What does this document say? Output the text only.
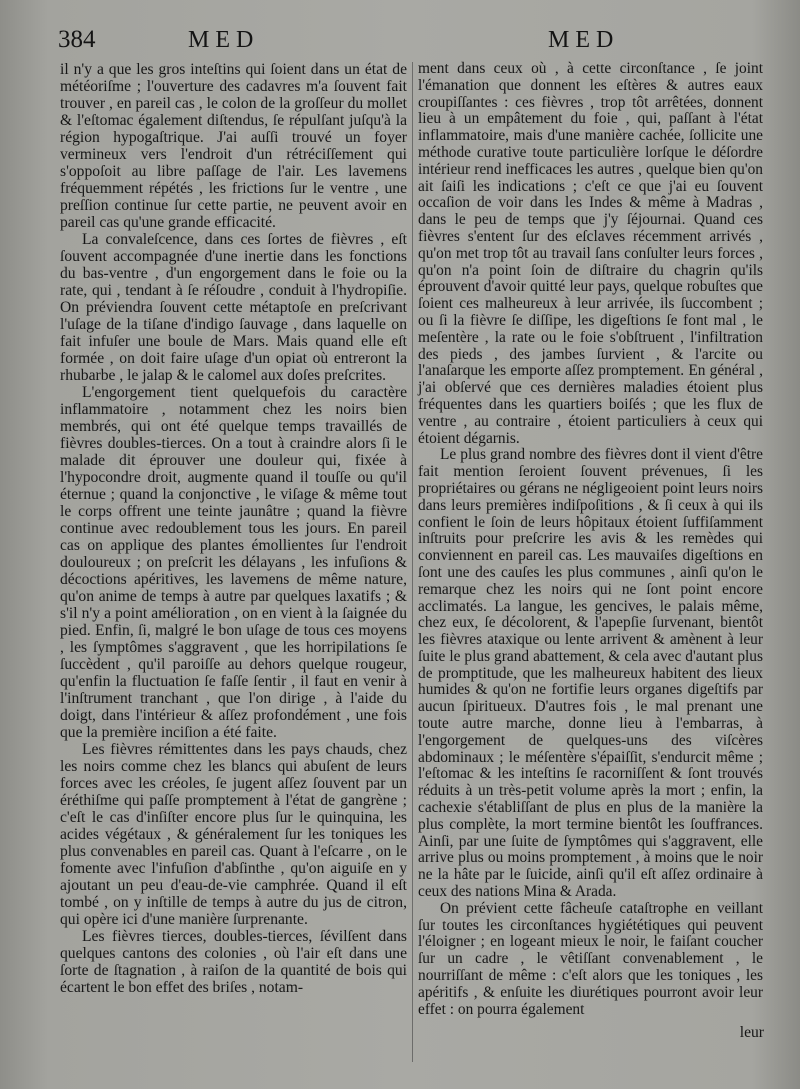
384	MED	MED

il n'y a que les gros inteſtins qui ſoient dans un état de météoriſme ; l'ouverture des cadavres m'a ſouvent fait trouver , en pareil cas , le colon de la groſſeur du mollet & l'eſtomac également diſtendus, ſe répulſant juſqu'à la région hypogaſtrique. J'ai auſſi trouvé un foyer vermineux vers l'endroit d'un rétréciſſement qui s'oppoſoit au libre paſſage de l'air. Les lavemens fréquemment répétés , les frictions ſur le ventre , une preſſion continue ſur cette partie, ne peuvent avoir en pareil cas qu'une grande efficacité.

La convaleſcence, dans ces ſortes de fièvres , eſt ſouvent accompagnée d'une inertie dans les fonctions du bas-ventre , d'un engorgement dans le foie ou la rate, qui , tendant à ſe réſoudre , conduit à l'hydropiſie. On préviendra ſouvent cette métaptoſe en preſcrivant l'uſage de la tiſane d'indigo ſauvage , dans laquelle on fait infuſer une boule de Mars. Mais quand elle eſt formée , on doit faire uſage d'un opiat où entreront la rhubarbe , le jalap & le calomel aux doſes preſcrites.

L'engorgement tient quelquefois du caractère inflammatoire , notamment chez les noirs bien membrés, qui ont été quelque temps travaillés de fièvres doubles-tierces. On a tout à craindre alors ſi le malade dit éprouver une douleur qui, fixée à l'hypocondre droit, augmente quand il touſſe ou qu'il éternue ; quand la conjonctive , le viſage & même tout le corps offrent une teinte jaunâtre ; quand la fièvre continue avec redoublement tous les jours. En pareil cas on applique des plantes émollientes ſur l'endroit douloureux ; on preſcrit les délayans , les infuſions & décoctions apéritives, les lavemens de même nature, qu'on anime de temps à autre par quelques laxatifs ; & s'il n'y a point amélioration , on en vient à la ſaignée du pied. Enfin, ſi, malgré le bon uſage de tous ces moyens , les ſymptômes s'aggravent , que les horripilations ſe ſuccèdent , qu'il paroiſſe au dehors quelque rougeur, qu'enfin la fluctuation ſe faſſe ſentir , il faut en venir à l'inſtrument tranchant , que l'on dirige , à l'aide du doigt, dans l'intérieur & aſſez profondément , une fois que la première inciſion a été faite.

Les fièvres rémittentes dans les pays chauds, chez les noirs comme chez les blancs qui abuſent de leurs forces avec les créoles, ſe jugent aſſez ſouvent par un éréthiſme qui paſſe promptement à l'état de gangrène ; c'eſt le cas d'inſiſter encore plus ſur le quinquina, les acides végétaux , & généralement ſur les toniques les plus convenables en pareil cas. Quant à l'eſcarre , on le fomente avec l'infuſion d'abſinthe , qu'on aiguiſe en y ajoutant un peu d'eau-de-vie camphrée. Quand il eſt tombé , on y inſtille de temps à autre du jus de citron, qui opère ici d'une manière ſurprenante.

Les fièvres tierces, doubles-tierces, ſévilſent dans quelques cantons des colonies , où l'air eſt dans une ſorte de ſtagnation , à raiſon de la quantité de bois qui écartent le bon effet des briſes , notam-

ment dans ceux où , à cette circonſtance , ſe joint l'émanation que donnent les eſtères & autres eaux croupiſſantes : ces fièvres , trop tôt arrêtées, donnent lieu à un empâtement du foie , qui, paſſant à l'état inflammatoire, mais d'une manière cachée, ſollicite une méthode curative toute particulière lorſque le déſordre intérieur rend inefficaces les autres , quelque bien qu'on ait ſaiſi les indications ; c'eſt ce que j'ai eu ſouvent occaſion de voir dans les Indes & même à Madras , dans le peu de temps que j'y ſéjournai. Quand ces fièvres s'entent ſur des eſclaves récemment arrivés , qu'on met trop tôt au travail ſans conſulter leurs forces , qu'on n'a point ſoin de diſtraire du chagrin qu'ils éprouvent d'avoir quitté leur pays, quelque robuſtes que ſoient ces malheureux à leur arrivée, ils ſuccombent ; ou ſi la fièvre ſe diſſipe, les digeſtions ſe font mal , le meſentère , la rate ou le foie s'obſtruent , l'infiltration des pieds , des jambes ſurvient , & l'arcite ou l'anaſarque les emporte aſſez promptement. En général , j'ai obſervé que ces dernières maladies étoient plus fréquentes dans les quartiers boiſés ; que les flux de ventre , au contraire , étoient particuliers à ceux qui étoient dégarnis.

Le plus grand nombre des fièvres dont il vient d'être fait mention ſeroient ſouvent prévenues, ſi les propriétaires ou gérans ne négligeoient point leurs noirs dans leurs premières indiſpoſitions , & ſi ceux à qui ils confient le ſoin de leurs hôpitaux étoient ſuffiſamment inſtruits pour preſcrire les avis & les remèdes qui conviennent en pareil cas. Les mauvaiſes digeſtions en ſont une des cauſes les plus communes , ainſi qu'on le remarque chez les noirs qui ne ſont point encore acclimatés. La langue, les gencives, le palais même, chez eux, ſe décolorent, & l'apepſie ſurvenant, bientôt les fièvres ataxique ou lente arrivent & amènent à leur ſuite le plus grand abattement, & cela avec d'autant plus de promptitude, que les malheureux habitent des lieux humides & qu'on ne fortifie leurs organes digeſtifs par aucun ſpiritueux. D'autres fois , le mal prenant une toute autre marche, donne lieu à l'embarras, à l'engorgement de quelques-uns des viſcères abdominaux ; le méſentère s'épaiſſit, s'endurcit même ; l'eſtomac & les inteſtins ſe racorniſſent & ſont trouvés réduits à un très-petit volume après la mort ; enfin, la cachexie s'établiſſant de plus en plus de la manière la plus complète, la mort termine bientôt les ſouffrances. Ainſi, par une ſuite de ſymptômes qui s'aggravent, elle arrive plus ou moins promptement , à moins que le noir ne la hâte par le ſuicide, ainſi qu'il eſt aſſez ordinaire à ceux des nations Mina & Arada.

On prévient cette fâcheuſe cataſtrophe en veillant ſur toutes les circonſtances hygiététiques qui peuvent l'éloigner ; en logeant mieux le noir, le faiſant coucher ſur un cadre , le vêtiſſant convenablement , le nourriſſant de même : c'eſt alors que les toniques , les apéritifs , & enſuite les diurétiques pourront avoir leur effet : on pourra également

leur
